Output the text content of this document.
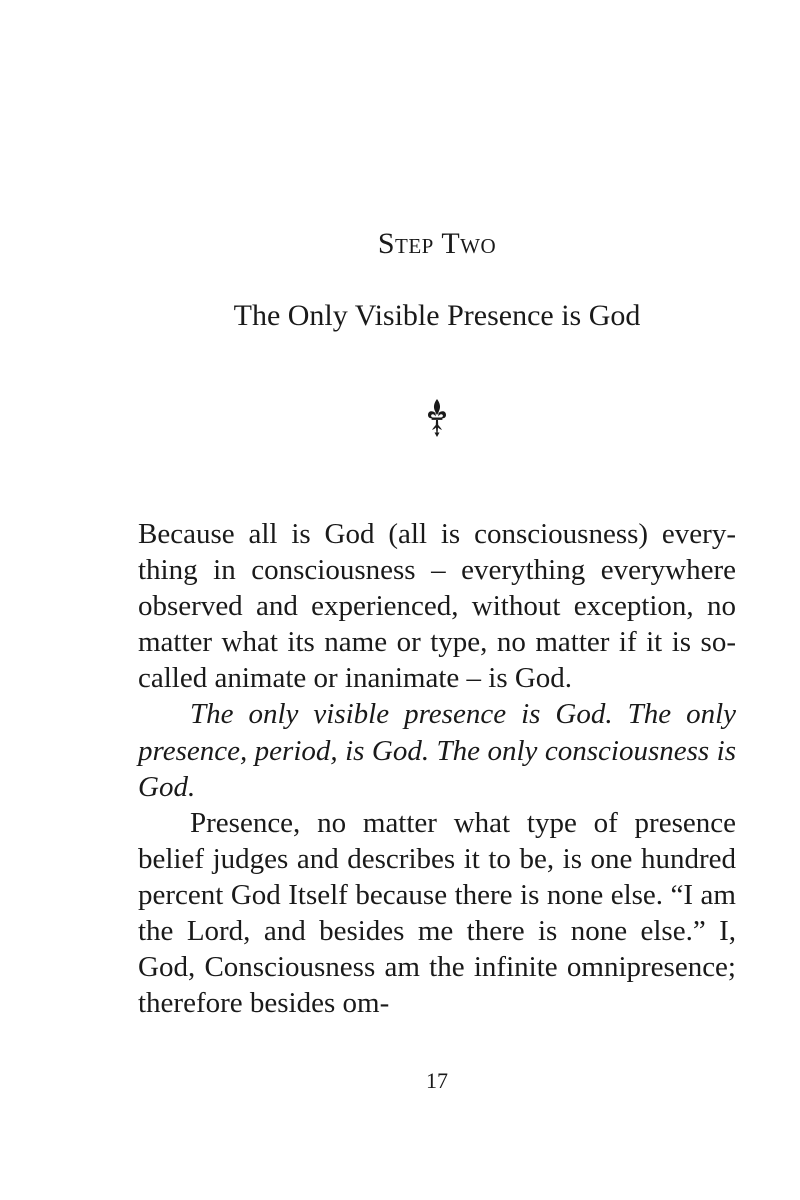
Step Two
The Only Visible Presence is God

Because all is God (all is consciousness) everything in consciousness – everything everywhere observed and experienced, without exception, no matter what its name or type, no matter if it is so-called animate or inanimate – is God.

The only visible presence is God. The only presence, period, is God. The only consciousness is God.

Presence, no matter what type of presence belief judges and describes it to be, is one hundred percent God Itself because there is none else. “I am the Lord, and besides me there is none else.” I, God, Consciousness am the infinite omnipresence; therefore besides om-

17
